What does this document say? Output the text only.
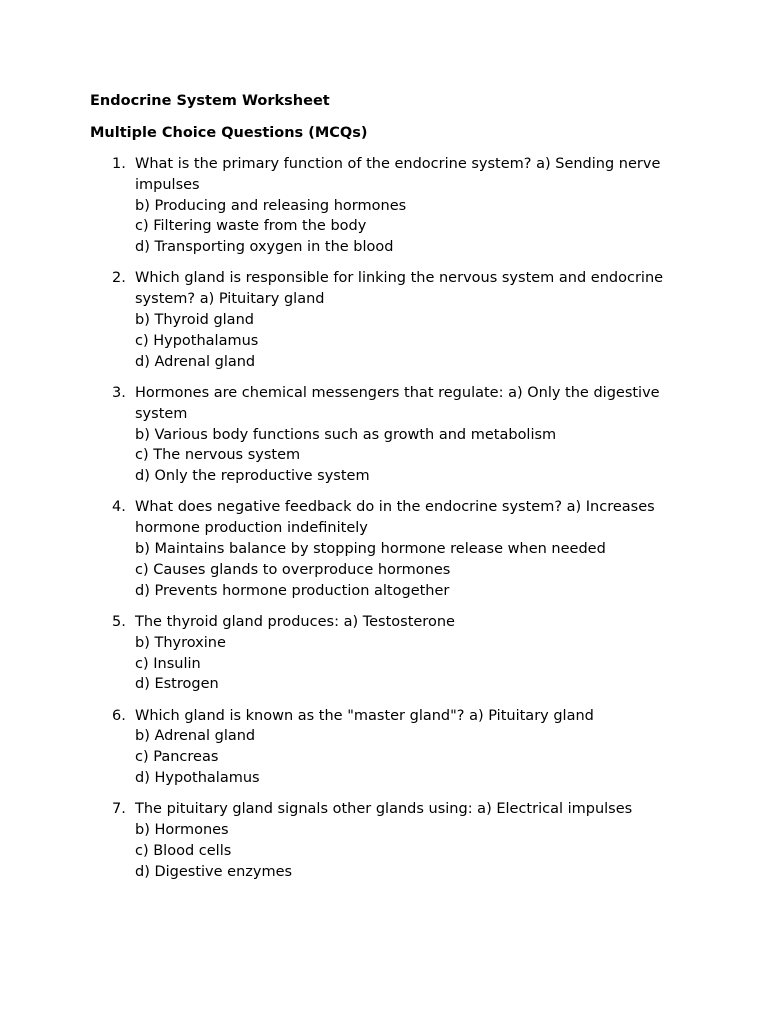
Endocrine System Worksheet
Multiple Choice Questions (MCQs)
1. What is the primary function of the endocrine system? a) Sending nerve impulses
b) Producing and releasing hormones
c) Filtering waste from the body
d) Transporting oxygen in the blood
2. Which gland is responsible for linking the nervous system and endocrine system? a) Pituitary gland
b) Thyroid gland
c) Hypothalamus
d) Adrenal gland
3. Hormones are chemical messengers that regulate: a) Only the digestive system
b) Various body functions such as growth and metabolism
c) The nervous system
d) Only the reproductive system
4. What does negative feedback do in the endocrine system? a) Increases hormone production indefinitely
b) Maintains balance by stopping hormone release when needed
c) Causes glands to overproduce hormones
d) Prevents hormone production altogether
5. The thyroid gland produces: a) Testosterone
b) Thyroxine
c) Insulin
d) Estrogen
6. Which gland is known as the "master gland"? a) Pituitary gland
b) Adrenal gland
c) Pancreas
d) Hypothalamus
7. The pituitary gland signals other glands using: a) Electrical impulses
b) Hormones
c) Blood cells
d) Digestive enzymes
